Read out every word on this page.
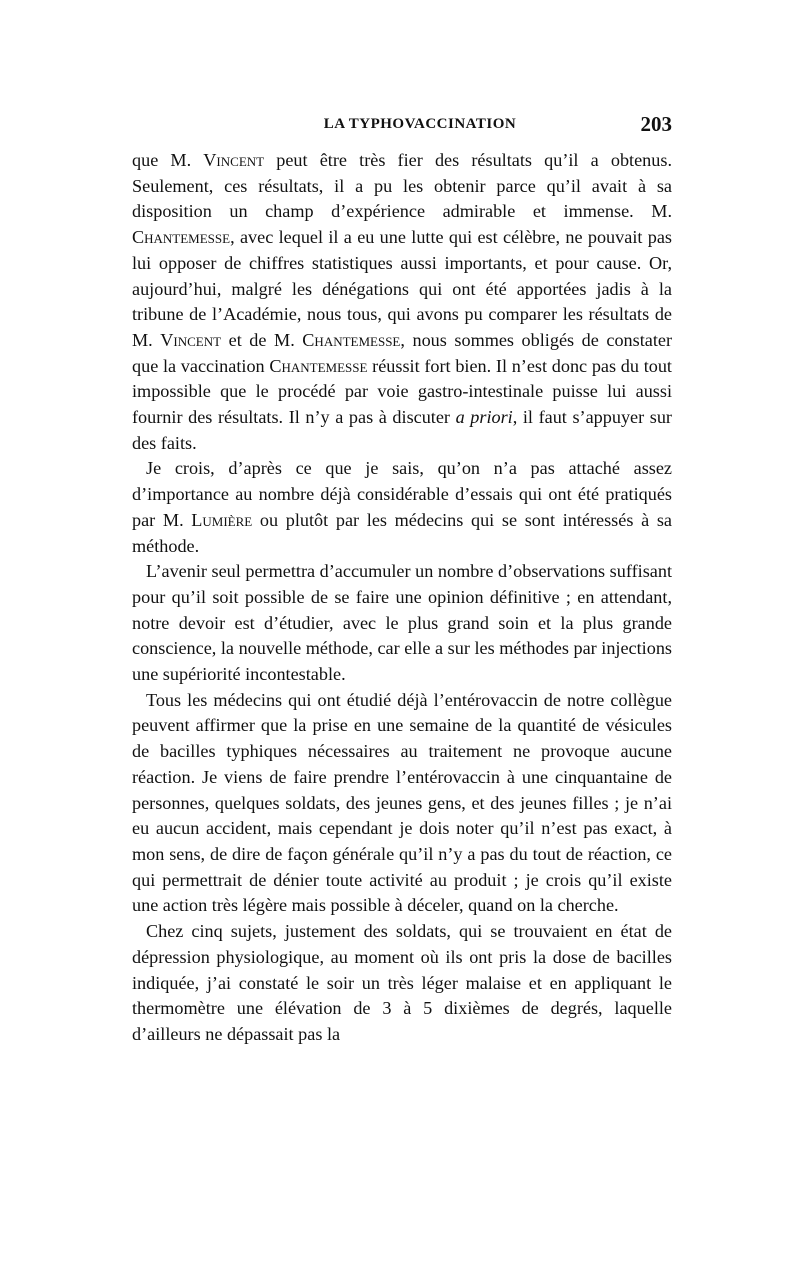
LA TYPHOVACCINATION	203

que M. Vincent peut être très fier des résultats qu’il a obtenus. Seulement, ces résultats, il a pu les obtenir parce qu’il avait à sa disposition un champ d’expérience admirable et immense. M. Chantemesse, avec lequel il a eu une lutte qui est célèbre, ne pouvait pas lui opposer de chiffres statistiques aussi importants, et pour cause. Or, aujourd’hui, malgré les dénégations qui ont été apportées jadis à la tribune de l’Académie, nous tous, qui avons pu comparer les résultats de M. Vincent et de M. Chantemesse, nous sommes obligés de constater que la vaccination Chantemesse réussit fort bien. Il n’est donc pas du tout impossible que le procédé par voie gastro-intestinale puisse lui aussi fournir des résultats. Il n’y a pas à discuter a priori, il faut s’appuyer sur des faits.

Je crois, d’après ce que je sais, qu’on n’a pas attaché assez d’importance au nombre déjà considérable d’essais qui ont été pratiqués par M. Lumière ou plutôt par les médecins qui se sont intéressés à sa méthode.

L’avenir seul permettra d’accumuler un nombre d’observations suffisant pour qu’il soit possible de se faire une opinion définitive ; en attendant, notre devoir est d’étudier, avec le plus grand soin et la plus grande conscience, la nouvelle méthode, car elle a sur les méthodes par injections une supériorité incontestable.

Tous les médecins qui ont étudié déjà l’entérovaccin de notre collègue peuvent affirmer que la prise en une semaine de la quantité de vésicules de bacilles typhiques nécessaires au traitement ne provoque aucune réaction. Je viens de faire prendre l’entérovaccin à une cinquantaine de personnes, quelques soldats, des jeunes gens, et des jeunes filles ; je n’ai eu aucun accident, mais cependant je dois noter qu’il n’est pas exact, à mon sens, de dire de façon générale qu’il n’y a pas du tout de réaction, ce qui permettrait de dénier toute activité au produit ; je crois qu’il existe une action très légère mais possible à déceler, quand on la cherche.

Chez cinq sujets, justement des soldats, qui se trouvaient en état de dépression physiologique, au moment où ils ont pris la dose de bacilles indiquée, j’ai constaté le soir un très léger malaise et en appliquant le thermomètre une élévation de 3 à 5 dixièmes de degrés, laquelle d’ailleurs ne dépassait pas la
